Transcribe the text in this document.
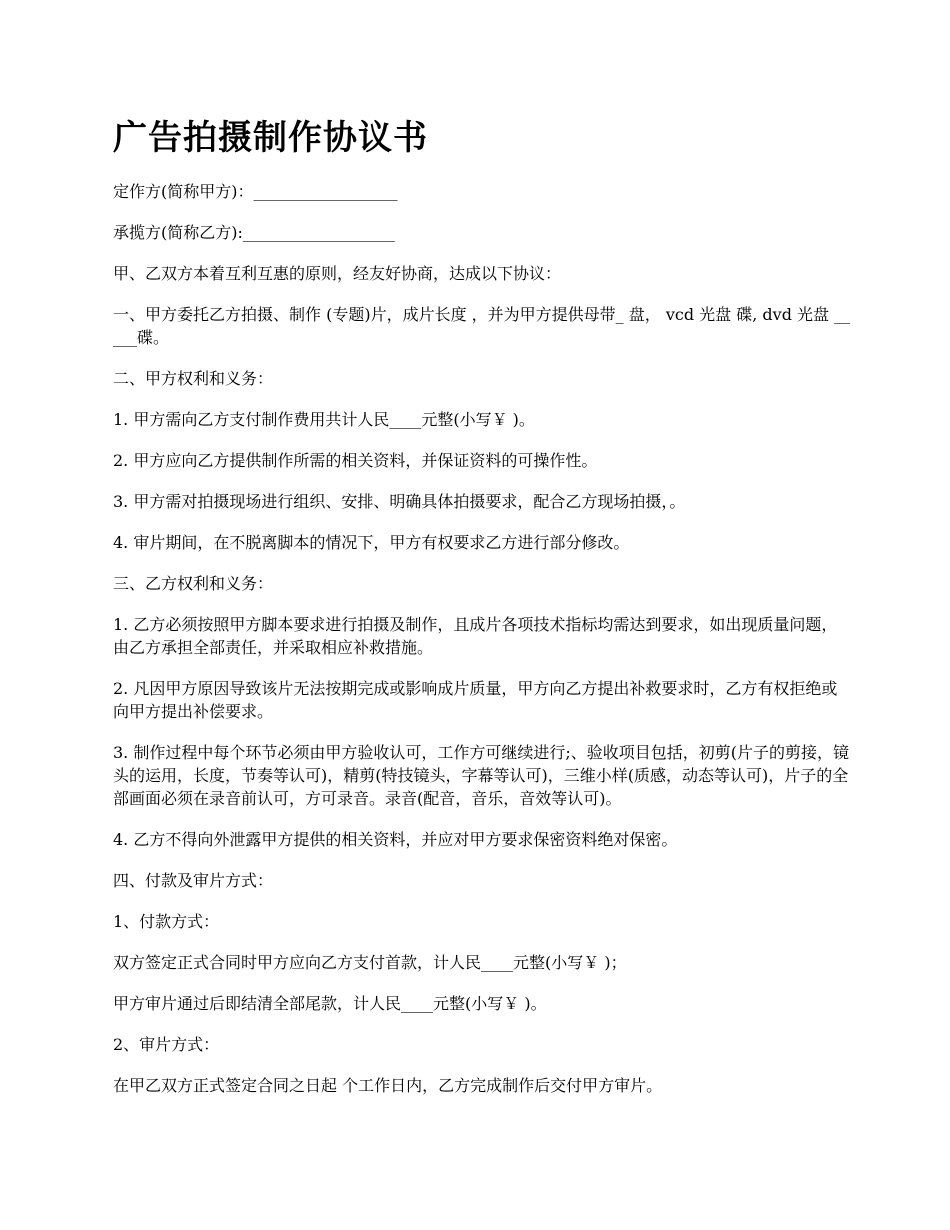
广告拍摄制作协议书

定作方(简称甲方)：__________________

承揽方(简称乙方):___________________

甲、乙双方本着互利互惠的原则，经友好协商，达成以下协议：

一、甲方委托乙方拍摄、制作 (专题)片，成片长度 ，并为甲方提供母带_ 盘， vcd 光盘 碟, dvd 光盘 _____碟。

二、甲方权利和义务：

1. 甲方需向乙方支付制作费用共计人民____元整(小写￥ )。

2. 甲方应向乙方提供制作所需的相关资料，并保证资料的可操作性。

3. 甲方需对拍摄现场进行组织、安排、明确具体拍摄要求，配合乙方现场拍摄，。

4. 审片期间，在不脱离脚本的情况下，甲方有权要求乙方进行部分修改。

三、乙方权利和义务：

1. 乙方必须按照甲方脚本要求进行拍摄及制作，且成片各项技术指标均需达到要求，如出现质量问题，由乙方承担全部责任，并采取相应补救措施。

2. 凡因甲方原因导致该片无法按期完成或影响成片质量，甲方向乙方提出补救要求时，乙方有权拒绝或向甲方提出补偿要求。

3. 制作过程中每个环节必须由甲方验收认可，工作方可继续进行;、验收项目包括，初剪(片子的剪接，镜头的运用，长度，节奏等认可)，精剪(特技镜头，字幕等认可)，三维小样(质感，动态等认可)，片子的全部画面必须在录音前认可，方可录音。录音(配音，音乐，音效等认可)。

4. 乙方不得向外泄露甲方提供的相关资料，并应对甲方要求保密资料绝对保密。

四、付款及审片方式：

1、付款方式：

双方签定正式合同时甲方应向乙方支付首款，计人民____元整(小写￥ )；

甲方审片通过后即结清全部尾款，计人民____元整(小写￥ )。

2、审片方式：

在甲乙双方正式签定合同之日起 个工作日内，乙方完成制作后交付甲方审片。
